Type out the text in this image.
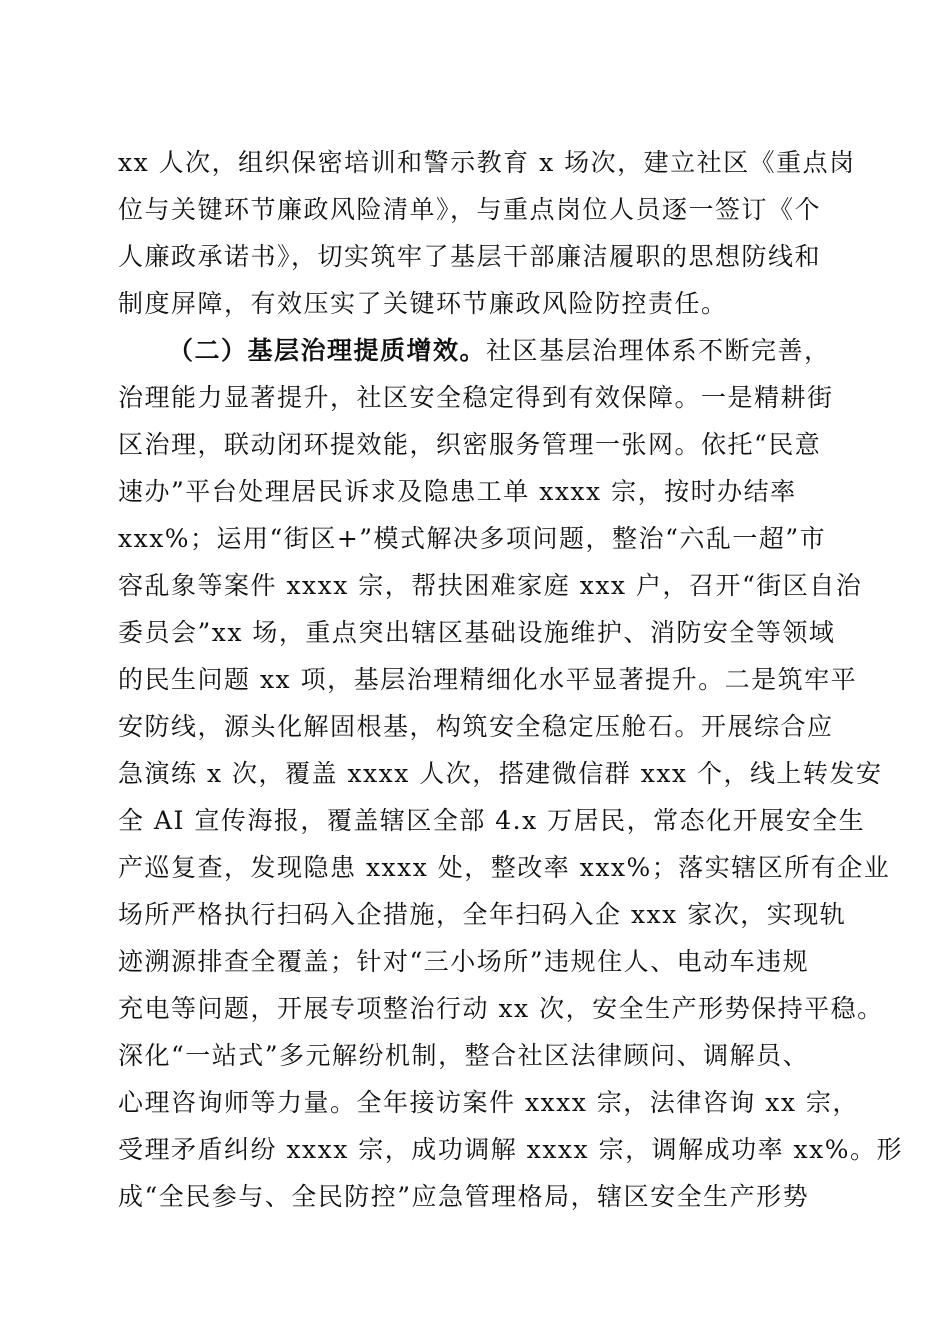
xx 人次，组织保密培训和警示教育 x 场次，建立社区《重点岗
位与关键环节廉政风险清单》，与重点岗位人员逐一签订《个
人廉政承诺书》，切实筑牢了基层干部廉洁履职的思想防线和
制度屏障，有效压实了关键环节廉政风险防控责任。
（二）基层治理提质增效。社区基层治理体系不断完善，
治理能力显著提升，社区安全稳定得到有效保障。一是精耕街
区治理，联动闭环提效能，织密服务管理一张网。依托“民意
速办”平台处理居民诉求及隐患工单 xxxx 宗，按时办结率
xxx%；运用“街区+”模式解决多项问题，整治“六乱一超”市
容乱象等案件 xxxx 宗，帮扶困难家庭 xxx 户，召开“街区自治
委员会”xx 场，重点突出辖区基础设施维护、消防安全等领域
的民生问题 xx 项，基层治理精细化水平显著提升。二是筑牢平
安防线，源头化解固根基，构筑安全稳定压舱石。开展综合应
急演练 x 次，覆盖 xxxx 人次，搭建微信群 xxx 个，线上转发安
全 AI 宣传海报，覆盖辖区全部 4.x 万居民，常态化开展安全生
产巡复查，发现隐患 xxxx 处，整改率 xxx%；落实辖区所有企业
场所严格执行扫码入企措施，全年扫码入企 xxx 家次，实现轨
迹溯源排查全覆盖；针对“三小场所”违规住人、电动车违规
充电等问题，开展专项整治行动 xx 次，安全生产形势保持平稳。
深化“一站式”多元解纷机制，整合社区法律顾问、调解员、
心理咨询师等力量。全年接访案件 xxxx 宗，法律咨询 xx 宗，
受理矛盾纠纷 xxxx 宗，成功调解 xxxx 宗，调解成功率 xx%。形
成“全民参与、全民防控”应急管理格局，辖区安全生产形势
